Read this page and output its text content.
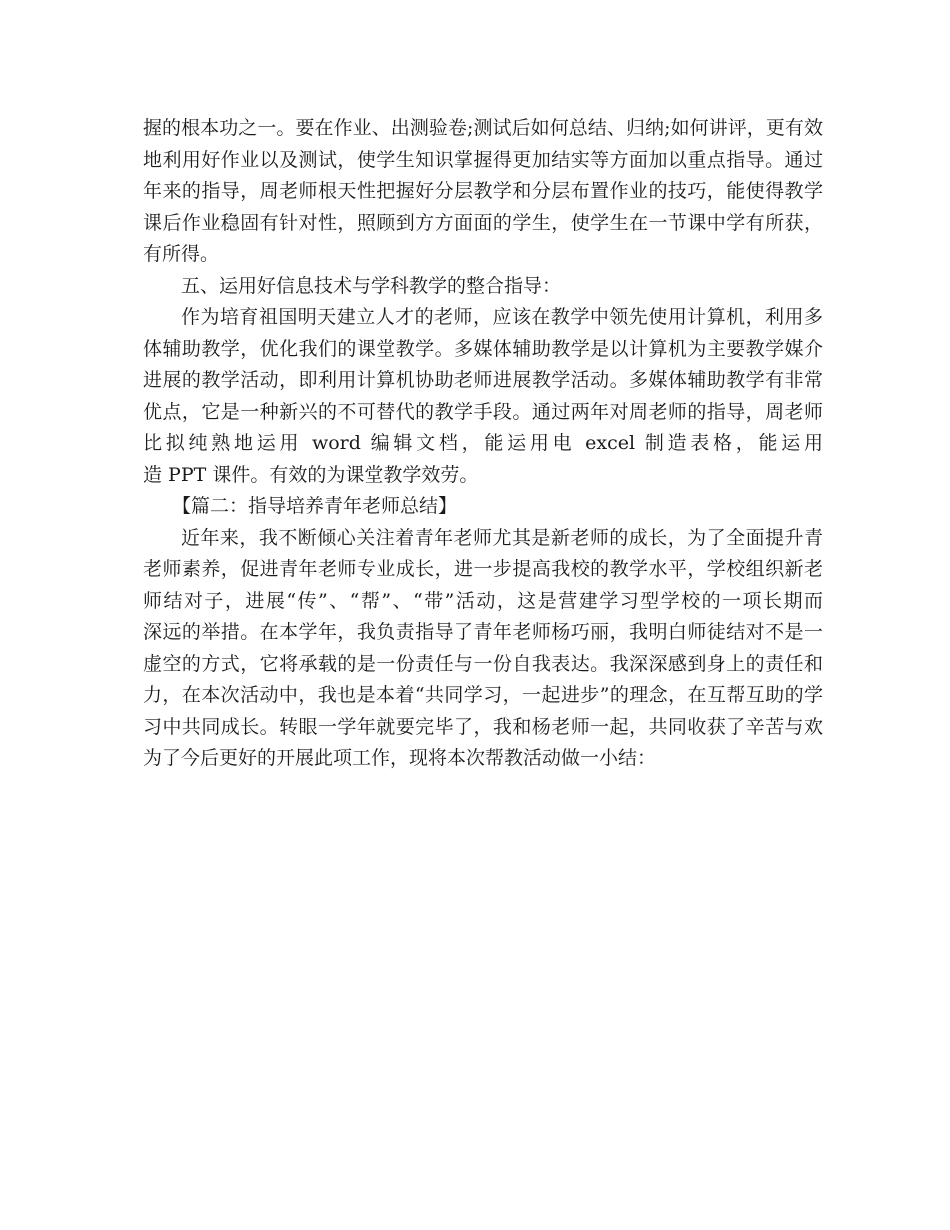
握的根本功之一。要在作业、出测验卷;测试后如何总结、归纳;如何讲评，更有效
地利用好作业以及测试，使学生知识掌握得更加结实等方面加以重点指导。通过
年来的指导，周老师根天性把握好分层教学和分层布置作业的技巧，能使得教学
课后作业稳固有针对性，照顾到方方面面的学生，使学生在一节课中学有所获，
有所得。
五、运用好信息技术与学科教学的整合指导：
作为培育祖国明天建立人才的老师，应该在教学中领先使用计算机，利用多
体辅助教学，优化我们的课堂教学。多媒体辅助教学是以计算机为主要教学媒介
进展的教学活动，即利用计算机协助老师进展教学活动。多媒体辅助教学有非常
优点，它是一种新兴的不可替代的教学手段。通过两年对周老师的指导，周老师
比拟纯熟地运用 word 编辑文档，能运用电 excel 制造表格，能运用
造 PPT 课件。有效的为课堂教学效劳。
【篇二：指导培养青年老师总结】
近年来，我不断倾心关注着青年老师尤其是新老师的成长，为了全面提升青
老师素养，促进青年老师专业成长，进一步提高我校的教学水平，学校组织新老
师结对子，进展“传”、“帮”、“带”活动，这是营建学习型学校的一项长期而
深远的举措。在本学年，我负责指导了青年老师杨巧丽，我明白师徒结对不是一
虚空的方式，它将承载的是一份责任与一份自我表达。我深深感到身上的责任和
力，在本次活动中，我也是本着“共同学习，一起进步”的理念，在互帮互助的学
习中共同成长。转眼一学年就要完毕了，我和杨老师一起，共同收获了辛苦与欢
为了今后更好的开展此项工作，现将本次帮教活动做一小结：
